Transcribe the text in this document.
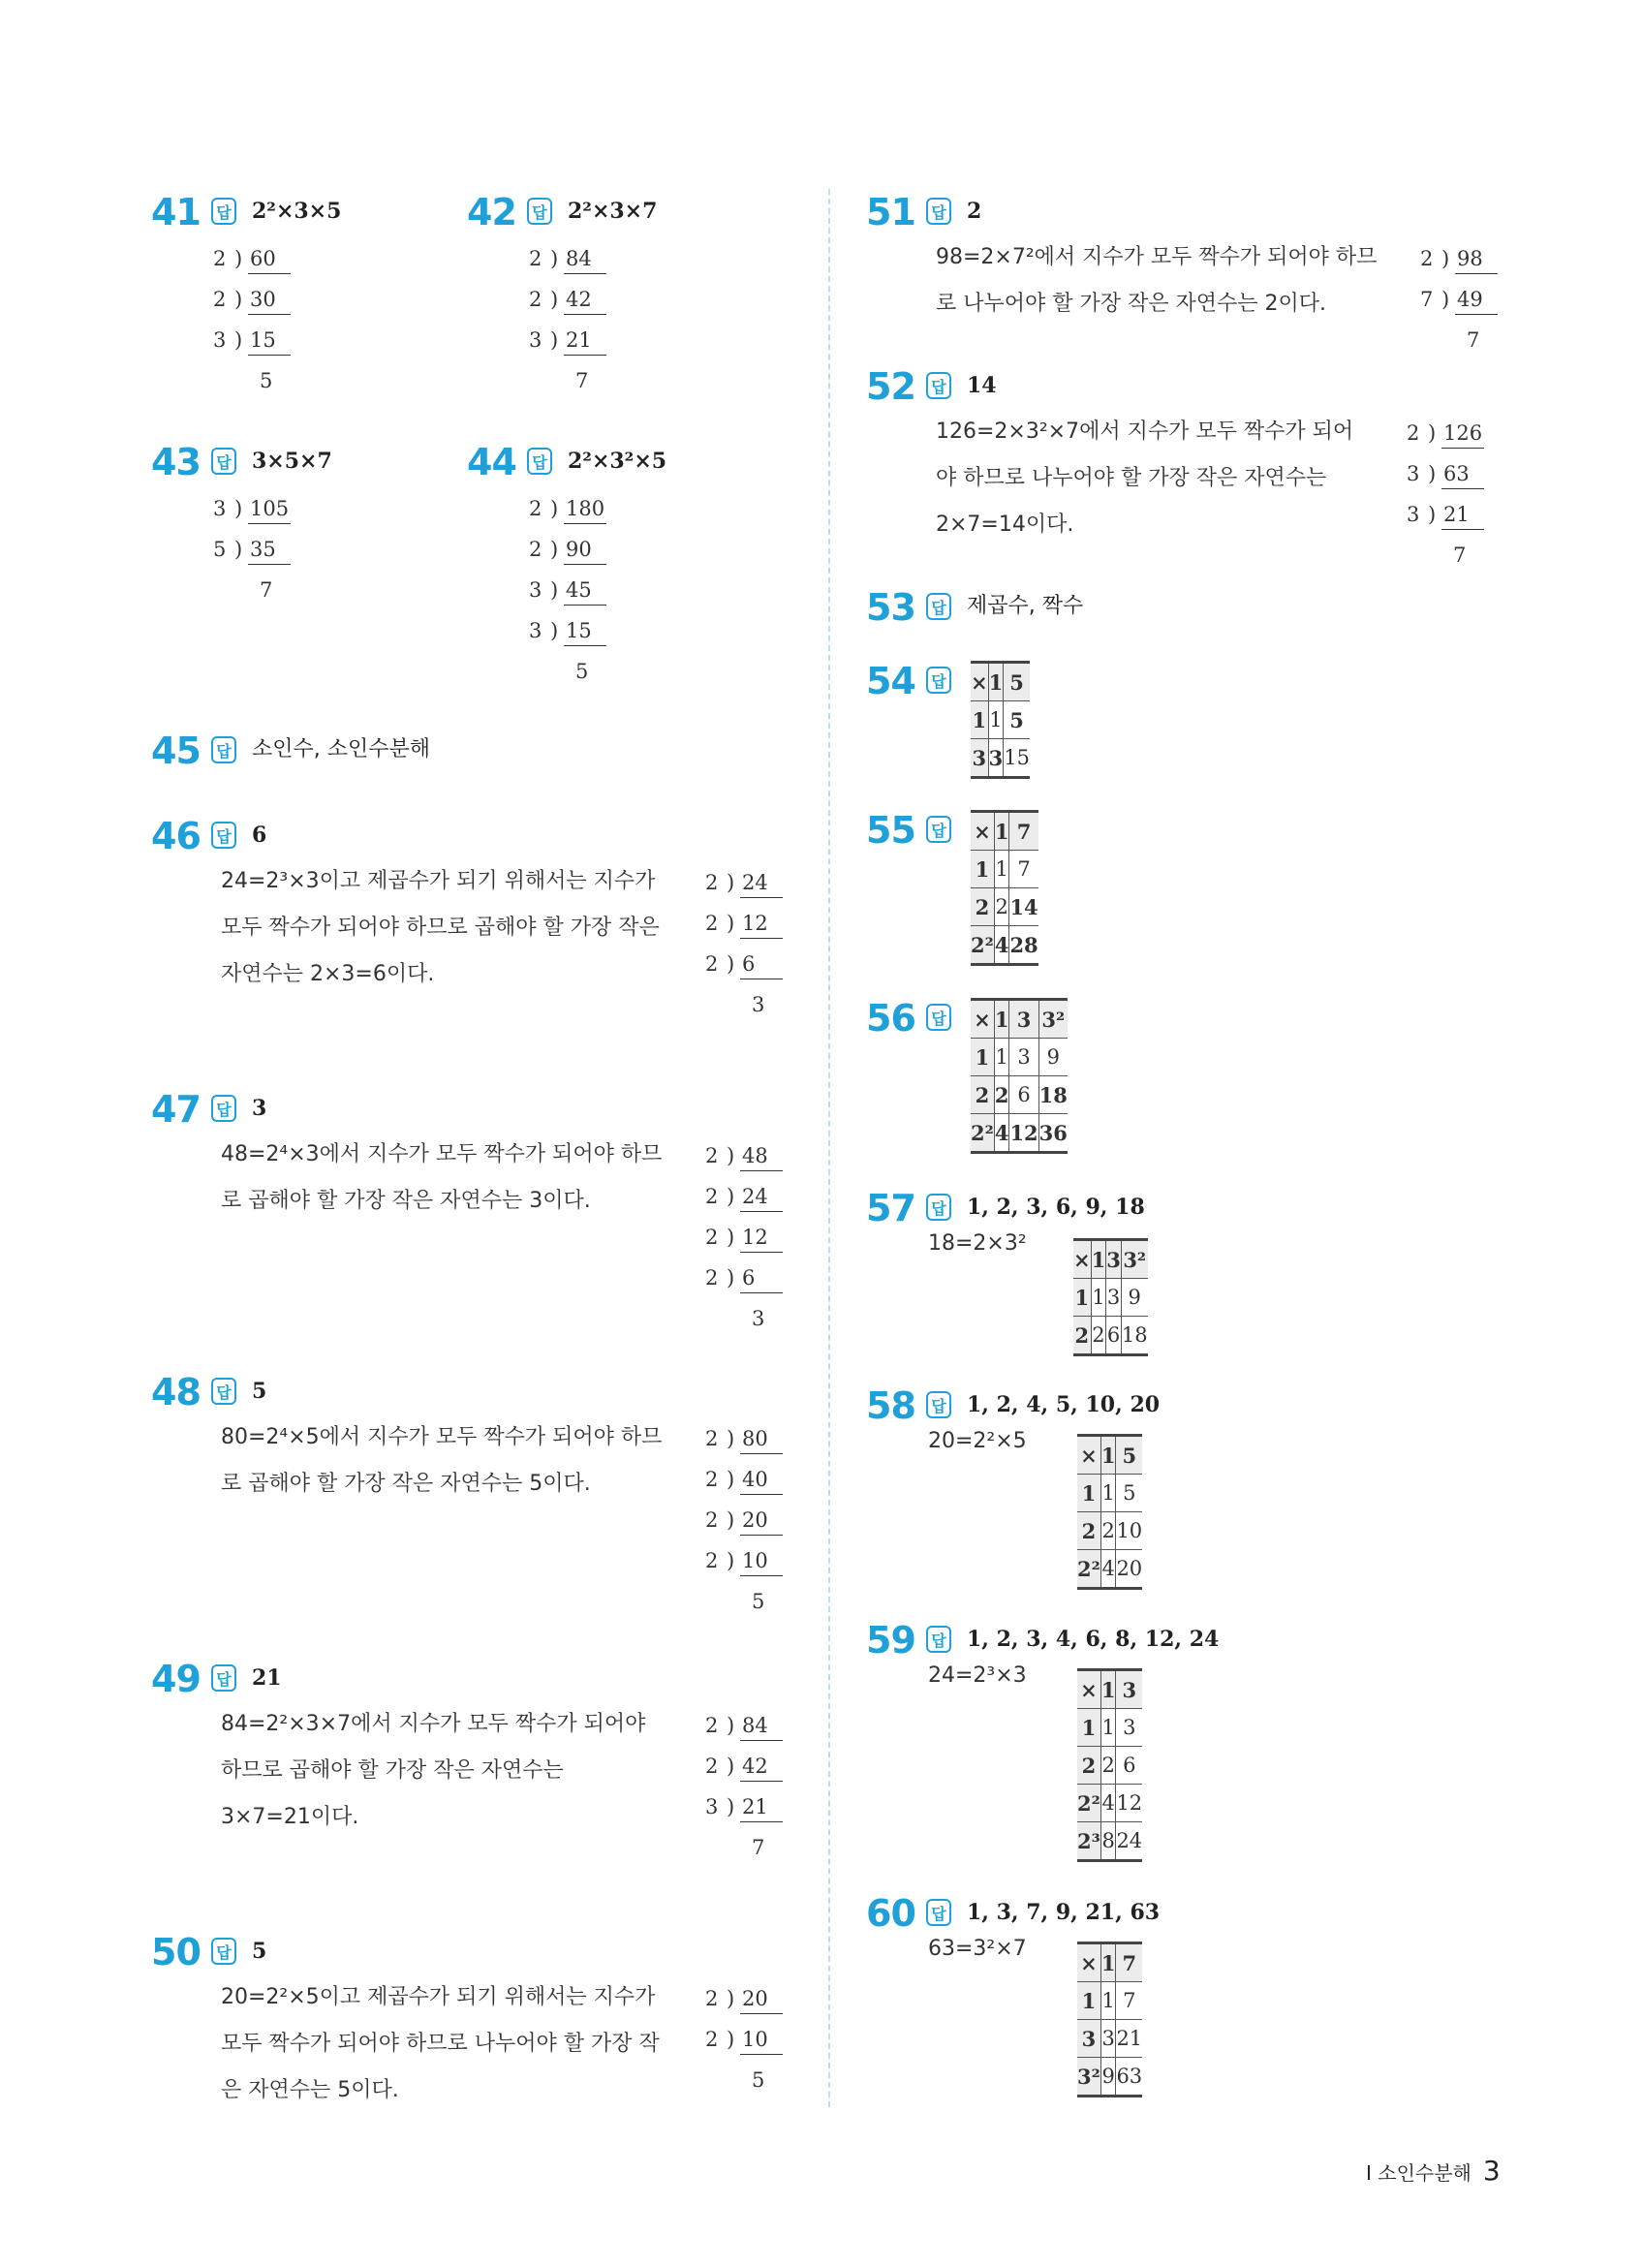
41	답 2²×3×5
2 ) 60
2 ) 30
3 ) 15
5
42	답 2²×3×7
2 ) 84
2 ) 42
3 ) 21
7
43	답 3×5×7
3 ) 105
5 ) 35
7
44	답 2²×3²×5
2 ) 180
2 ) 90
3 ) 45
3 ) 15
5
45	답 소인수, 소인수분해
46	답 6
24=2³×3이고 제곱수가 되기 위해서는 지수가
모두 짝수가 되어야 하므로 곱해야 할 가장 작은
자연수는 2×3=6이다.
2 ) 24
2 ) 12
2 ) 6
3
47	답 3
48=2⁴×3에서 지수가 모두 짝수가 되어야 하므
로 곱해야 할 가장 작은 자연수는 3이다.
2 ) 48
2 ) 24
2 ) 12
2 ) 6
3
48	답 5
80=2⁴×5에서 지수가 모두 짝수가 되어야 하므
로 곱해야 할 가장 작은 자연수는 5이다.
2 ) 80
2 ) 40
2 ) 20
2 ) 10
5
49	답 21
84=2²×3×7에서 지수가 모두 짝수가 되어야
하므로 곱해야 할 가장 작은 자연수는
3×7=21이다.
2 ) 84
2 ) 42
3 ) 21
7
50	답 5
20=2²×5이고 제곱수가 되기 위해서는 지수가
모두 짝수가 되어야 하므로 나누어야 할 가장 작
은 자연수는 5이다.
2 ) 20
2 ) 10
5
51	답 2
98=2×7²에서 지수가 모두 짝수가 되어야 하므
로 나누어야 할 가장 작은 자연수는 2이다.
2 ) 98
7 ) 49
7
52	답 14
126=2×3²×7에서 지수가 모두 짝수가 되어
야 하므로 나누어야 할 가장 작은 자연수는
2×7=14이다.
2 ) 126
3 ) 63
3 ) 21
7
53	답 제곱수, 짝수
54	답 ×	1	5
1	1	5
3	3	15
55	답 ×	1	7
1	1	7
2	2	14
2²	4	28
56	답 ×	1	3	3²
1	1	3	9
2	2	6	18
2²	4	12	36
57	답 1, 2, 3, 6, 9, 18
18=2×3²
×	1	3	3²
1	1	3	9
2	2	6	18
58	답 1, 2, 4, 5, 10, 20
20=2²×5
×	1	5
1	1	5
2	2	10
2²	4	20
59	답 1, 2, 3, 4, 6, 8, 12, 24
24=2³×3
×	1	3
1	1	3
2	2	6
2²	4	12
2³	8	24
60	답 1, 3, 7, 9, 21, 63
63=3²×7
×	1	7
1	1	7
3	3	21
3²	9	63
I 소인수분해 3
